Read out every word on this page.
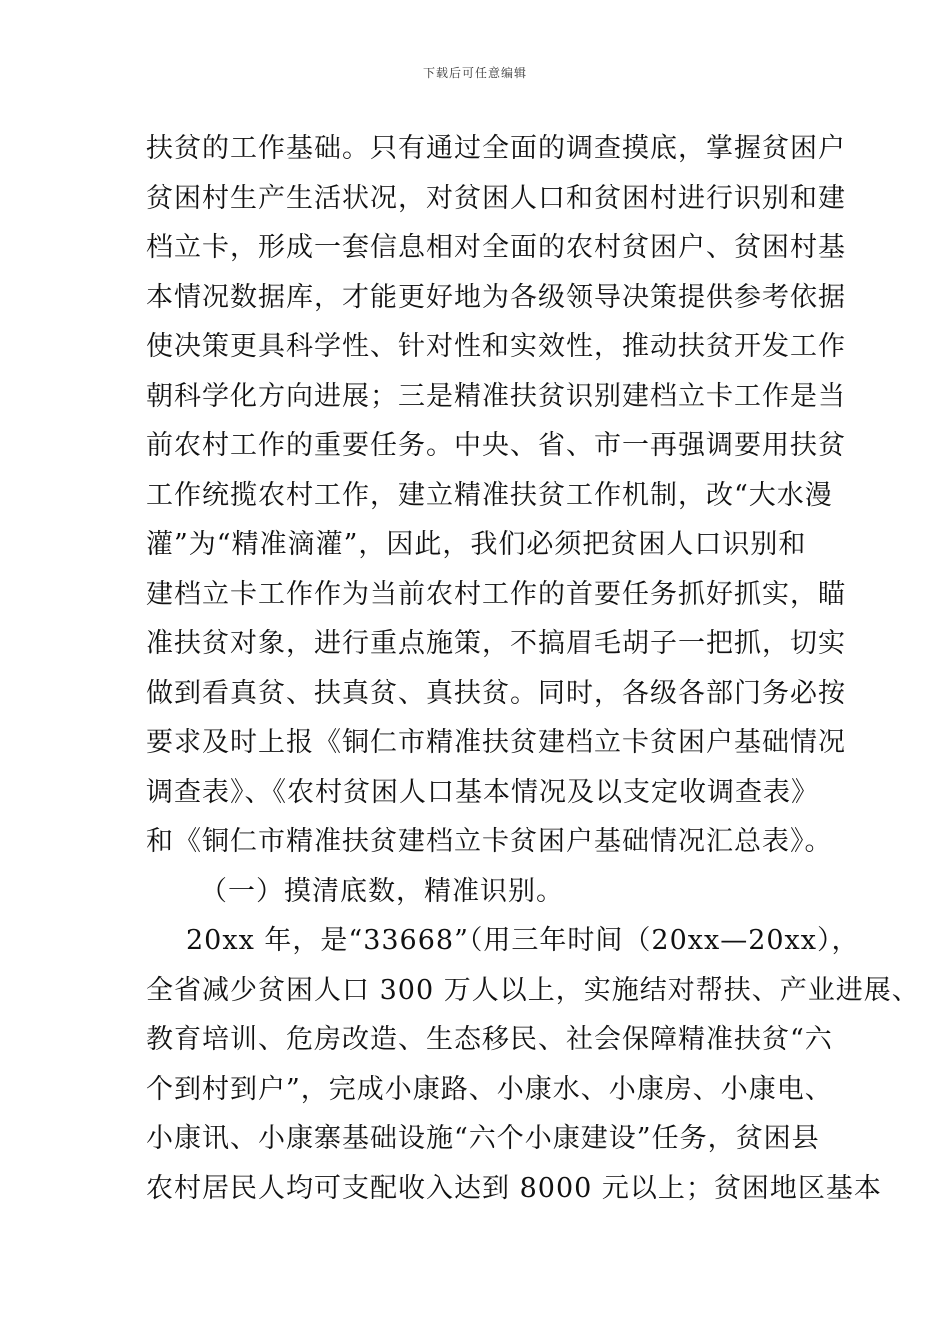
下载后可任意编辑
扶贫的工作基础。只有通过全面的调查摸底，掌握贫困户
贫困村生产生活状况，对贫困人口和贫困村进行识别和建
档立卡，形成一套信息相对全面的农村贫困户、贫困村基
本情况数据库，才能更好地为各级领导决策提供参考依据
使决策更具科学性、针对性和实效性，推动扶贫开发工作
朝科学化方向进展；三是精准扶贫识别建档立卡工作是当
前农村工作的重要任务。中央、省、市一再强调要用扶贫
工作统揽农村工作，建立精准扶贫工作机制，改“大水漫
灌”为“精准滴灌”，因此，我们必须把贫困人口识别和
建档立卡工作作为当前农村工作的首要任务抓好抓实，瞄
准扶贫对象，进行重点施策，不搞眉毛胡子一把抓，切实
做到看真贫、扶真贫、真扶贫。同时，各级各部门务必按
要求及时上报《铜仁市精准扶贫建档立卡贫困户基础情况
调查表》、《农村贫困人口基本情况及以支定收调查表》
和《铜仁市精准扶贫建档立卡贫困户基础情况汇总表》。
（一）摸清底数，精准识别。
20xx 年，是“33668”（用三年时间（20xx—20xx），
全省减少贫困人口 300 万人以上，实施结对帮扶、产业进展、
教育培训、危房改造、生态移民、社会保障精准扶贫“六
个到村到户”，完成小康路、小康水、小康房、小康电、
小康讯、小康寨基础设施“六个小康建设”任务，贫困县
农村居民人均可支配收入达到 8000 元以上；贫困地区基本
